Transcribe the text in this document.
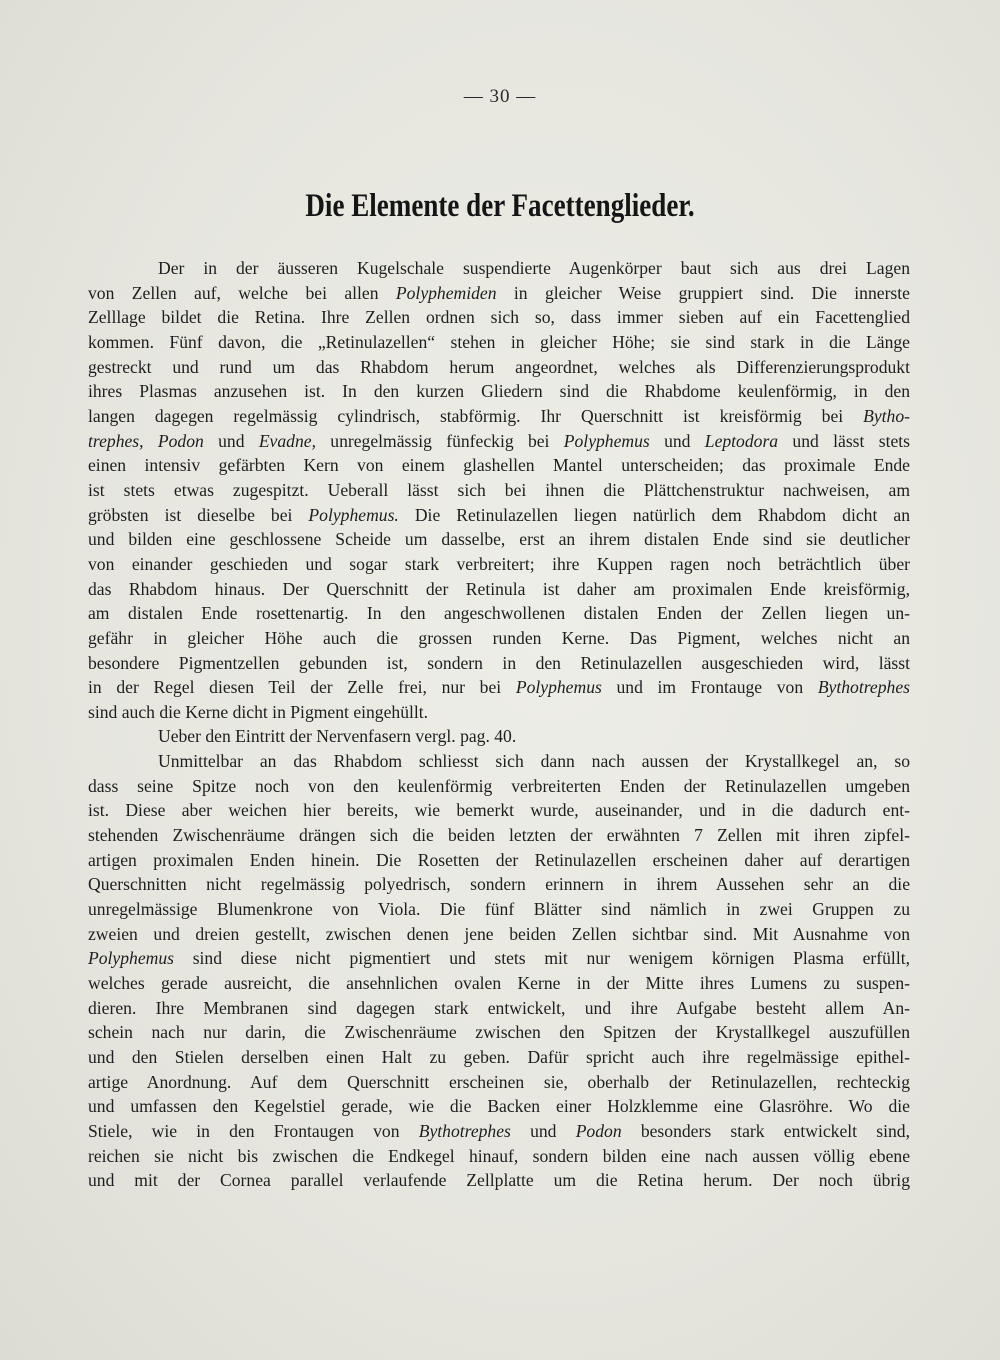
— 30 —
Die Elemente der Facettenglieder.
Der in der äusseren Kugelschale suspendierte Augenkörper baut sich aus drei Lagen
von Zellen auf, welche bei allen Polyphemiden in gleicher Weise gruppiert sind. Die innerste
Zelllage bildet die Retina. Ihre Zellen ordnen sich so, dass immer sieben auf ein Facettenglied
kommen. Fünf davon, die „Retinulazellen“ stehen in gleicher Höhe; sie sind stark in die Länge
gestreckt und rund um das Rhabdom herum angeordnet, welches als Differenzierungsprodukt
ihres Plasmas anzusehen ist. In den kurzen Gliedern sind die Rhabdome keulenförmig, in den
langen dagegen regelmässig cylindrisch, stabförmig. Ihr Querschnitt ist kreisförmig bei Bytho-
trephes, Podon und Evadne, unregelmässig fünfeckig bei Polyphemus und Leptodora und lässt stets
einen intensiv gefärbten Kern von einem glashellen Mantel unterscheiden; das proximale Ende
ist stets etwas zugespitzt. Ueberall lässt sich bei ihnen die Plättchenstruktur nachweisen, am
gröbsten ist dieselbe bei Polyphemus. Die Retinulazellen liegen natürlich dem Rhabdom dicht an
und bilden eine geschlossene Scheide um dasselbe, erst an ihrem distalen Ende sind sie deutlicher
von einander geschieden und sogar stark verbreitert; ihre Kuppen ragen noch beträchtlich über
das Rhabdom hinaus. Der Querschnitt der Retinula ist daher am proximalen Ende kreisförmig,
am distalen Ende rosettenartig. In den angeschwollenen distalen Enden der Zellen liegen un-
gefähr in gleicher Höhe auch die grossen runden Kerne. Das Pigment, welches nicht an
besondere Pigmentzellen gebunden ist, sondern in den Retinulazellen ausgeschieden wird, lässt
in der Regel diesen Teil der Zelle frei, nur bei Polyphemus und im Frontauge von Bythotrephes
sind auch die Kerne dicht in Pigment eingehüllt.
Ueber den Eintritt der Nervenfasern vergl. pag. 40.
Unmittelbar an das Rhabdom schliesst sich dann nach aussen der Krystallkegel an, so
dass seine Spitze noch von den keulenförmig verbreiterten Enden der Retinulazellen umgeben
ist. Diese aber weichen hier bereits, wie bemerkt wurde, auseinander, und in die dadurch ent-
stehenden Zwischenräume drängen sich die beiden letzten der erwähnten 7 Zellen mit ihren zipfel-
artigen proximalen Enden hinein. Die Rosetten der Retinulazellen erscheinen daher auf derartigen
Querschnitten nicht regelmässig polyedrisch, sondern erinnern in ihrem Aussehen sehr an die
unregelmässige Blumenkrone von Viola. Die fünf Blätter sind nämlich in zwei Gruppen zu
zweien und dreien gestellt, zwischen denen jene beiden Zellen sichtbar sind. Mit Ausnahme von
Polyphemus sind diese nicht pigmentiert und stets mit nur wenigem körnigen Plasma erfüllt,
welches gerade ausreicht, die ansehnlichen ovalen Kerne in der Mitte ihres Lumens zu suspen-
dieren. Ihre Membranen sind dagegen stark entwickelt, und ihre Aufgabe besteht allem An-
schein nach nur darin, die Zwischenräume zwischen den Spitzen der Krystallkegel auszufüllen
und den Stielen derselben einen Halt zu geben. Dafür spricht auch ihre regelmässige epithel-
artige Anordnung. Auf dem Querschnitt erscheinen sie, oberhalb der Retinulazellen, rechteckig
und umfassen den Kegelstiel gerade, wie die Backen einer Holzklemme eine Glasröhre. Wo die
Stiele, wie in den Frontaugen von Bythotrephes und Podon besonders stark entwickelt sind,
reichen sie nicht bis zwischen die Endkegel hinauf, sondern bilden eine nach aussen völlig ebene
und mit der Cornea parallel verlaufende Zellplatte um die Retina herum. Der noch übrig
